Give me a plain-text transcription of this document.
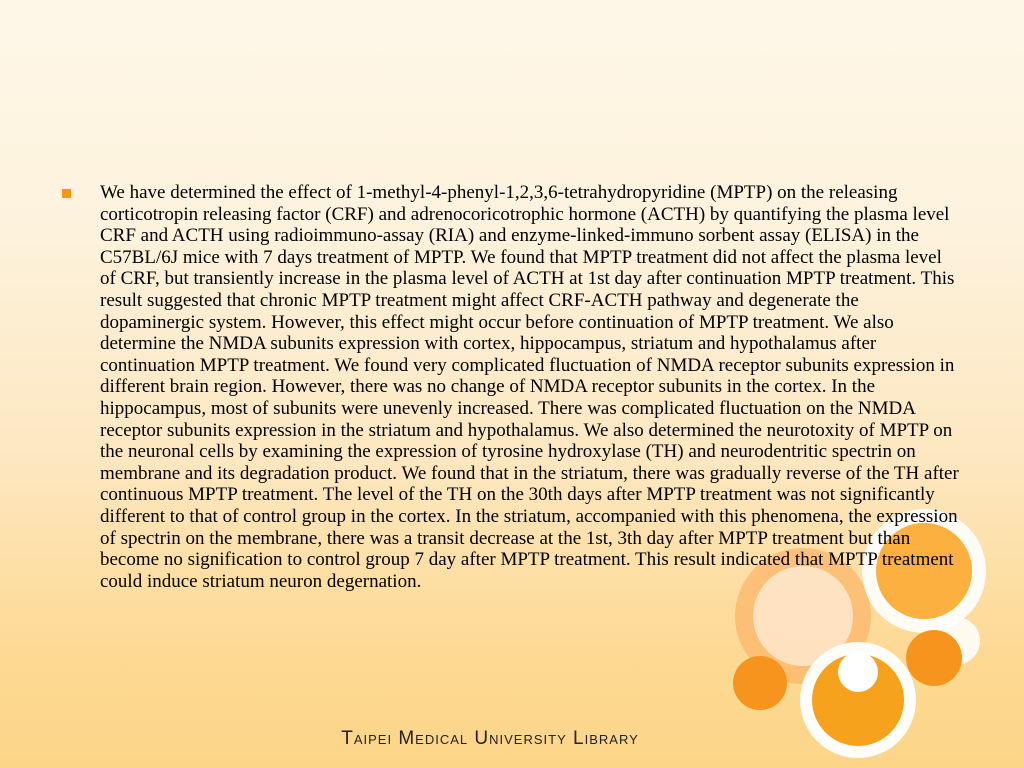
We have determined the effect of 1-methyl-4-phenyl-1,2,3,6-tetrahydropyridine (MPTP) on the releasing corticotropin releasing factor (CRF) and adrenocoricotrophic hormone (ACTH) by quantifying the plasma level CRF and ACTH using radioimmuno-assay (RIA) and enzyme-linked-immuno sorbent assay (ELISA) in the C57BL/6J mice with 7 days treatment of MPTP. We found that MPTP treatment did not affect the plasma level of CRF, but transiently increase in the plasma level of ACTH at 1st day after continuation MPTP treatment. This result suggested that chronic MPTP treatment might affect CRF-ACTH pathway and degenerate the dopaminergic system. However, this effect might occur before continuation of MPTP treatment. We also determine the NMDA subunits expression with cortex, hippocampus, striatum and hypothalamus after continuation MPTP treatment. We found very complicated fluctuation of NMDA receptor subunits expression in different brain region. However, there was no change of NMDA receptor subunits in the cortex. In the hippocampus, most of subunits were unevenly increased. There was complicated fluctuation on the NMDA receptor subunits expression in the striatum and hypothalamus. We also determined the neurotoxity of MPTP on the neuronal cells by examining the expression of tyrosine hydroxylase (TH) and neurodentritic spectrin on membrane and its degradation product. We found that in the striatum, there was gradually reverse of the TH after continuous MPTP treatment. The level of the TH on the 30th days after MPTP treatment was not significantly different to that of control group in the cortex. In the striatum, accompanied with this phenomena, the expression of spectrin on the membrane, there was a transit decrease at the 1st, 3th day after MPTP treatment but than become no signification to control group 7 day after MPTP treatment. This result indicated that MPTP treatment could induce striatum neuron degernation.

Taipei Medical University Library
